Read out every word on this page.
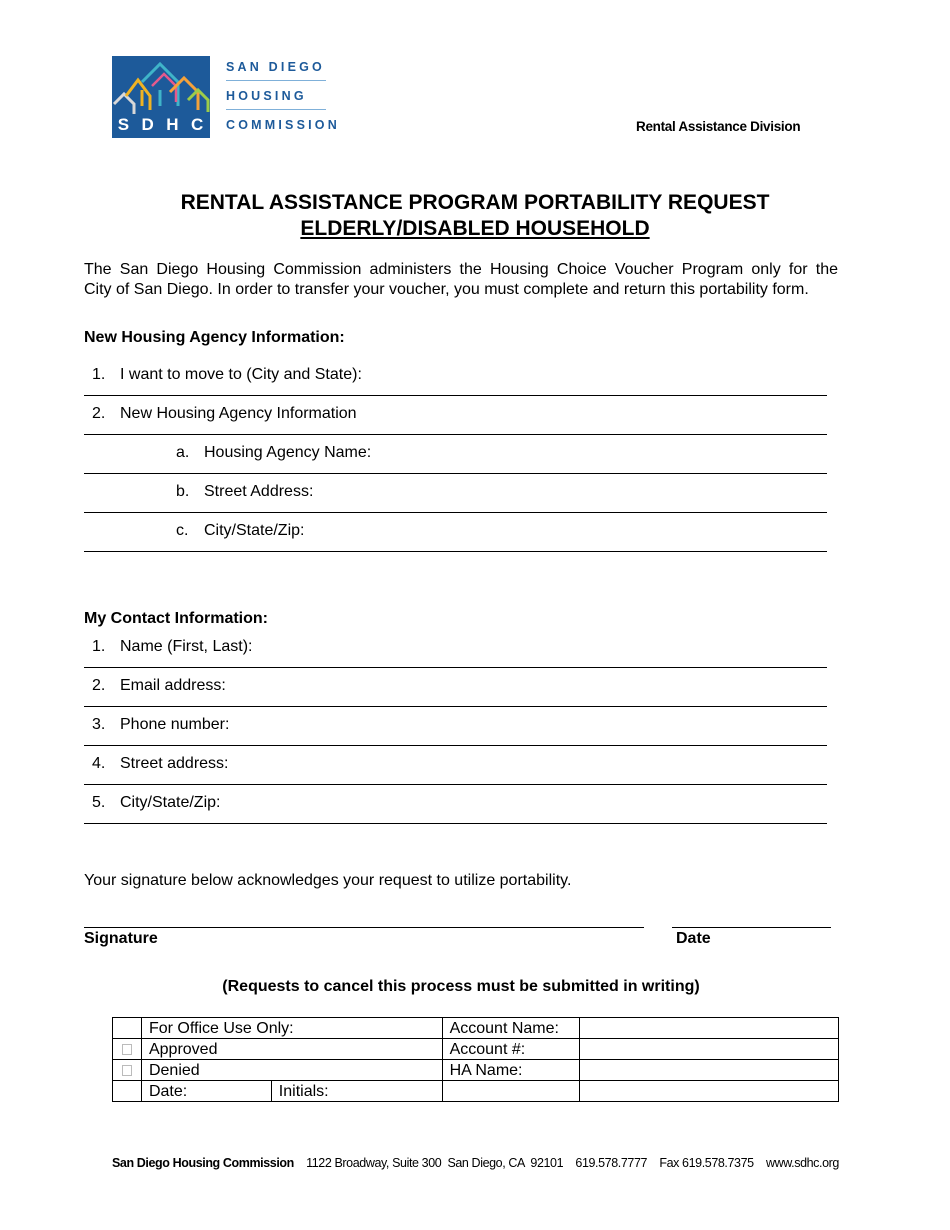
S D H C
SAN DIEGO
HOUSING
COMMISSION	Rental Assistance Division
RENTAL ASSISTANCE PROGRAM PORTABILITY REQUEST
ELDERLY/DISABLED HOUSEHOLD
The San Diego Housing Commission administers the Housing Choice Voucher Program only for the
City of San Diego. In order to transfer your voucher, you must complete and return this portability form.
New Housing Agency Information:
1. I want to move to (City and State):
2. New Housing Agency Information
a. Housing Agency Name:
b. Street Address:
c. City/State/Zip:
My Contact Information:
1. Name (First, Last):
2. Email address:
3. Phone number:
4. Street address:
5. City/State/Zip:
Your signature below acknowledges your request to utilize portability.
Signature	Date
(Requests to cancel this process must be submitted in writing)
	For Office Use Only:		Account Name:	
	Approved		Account #:	
	Denied		HA Name:	
	Date:	Initials:		
San Diego Housing Commission 1122 Broadway, Suite 300  San Diego, CA  92101 619.578.7777 Fax 619.578.7375 www.sdhc.org
